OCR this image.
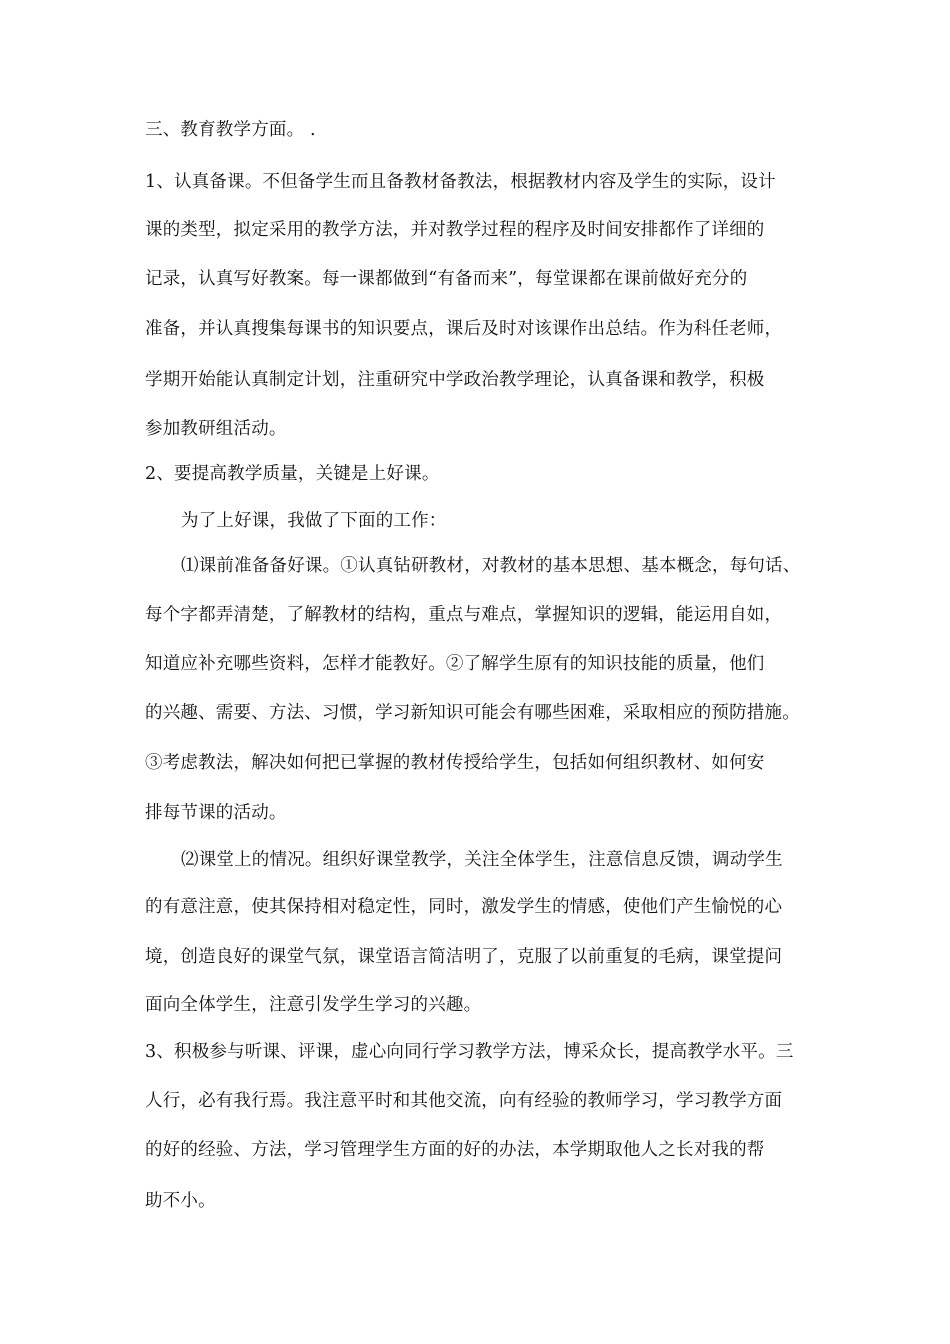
三、教育教学方面。 .
1、认真备课。不但备学生而且备教材备教法，根据教材内容及学生的实际，设计
课的类型，拟定采用的教学方法，并对教学过程的程序及时间安排都作了详细的
记录，认真写好教案。每一课都做到“有备而来”，每堂课都在课前做好充分的
准备，并认真搜集每课书的知识要点，课后及时对该课作出总结。作为科任老师，
学期开始能认真制定计划，注重研究中学政治教学理论，认真备课和教学，积极
参加教研组活动。
2、要提高教学质量，关键是上好课。
为了上好课，我做了下面的工作：
⑴课前准备备好课。①认真钻研教材，对教材的基本思想、基本概念，每句话、
每个字都弄清楚，了解教材的结构，重点与难点，掌握知识的逻辑，能运用自如，
知道应补充哪些资料，怎样才能教好。②了解学生原有的知识技能的质量，他们
的兴趣、需要、方法、习惯，学习新知识可能会有哪些困难，采取相应的预防措施。
③考虑教法，解决如何把已掌握的教材传授给学生，包括如何组织教材、如何安
排每节课的活动。
⑵课堂上的情况。组织好课堂教学，关注全体学生，注意信息反馈，调动学生
的有意注意，使其保持相对稳定性，同时，激发学生的情感，使他们产生愉悦的心
境，创造良好的课堂气氛，课堂语言简洁明了，克服了以前重复的毛病，课堂提问
面向全体学生，注意引发学生学习的兴趣。
3、积极参与听课、评课，虚心向同行学习教学方法，博采众长，提高教学水平。三
人行，必有我行焉。我注意平时和其他交流，向有经验的教师学习，学习教学方面
的好的经验、方法，学习管理学生方面的好的办法，本学期取他人之长对我的帮
助不小。
